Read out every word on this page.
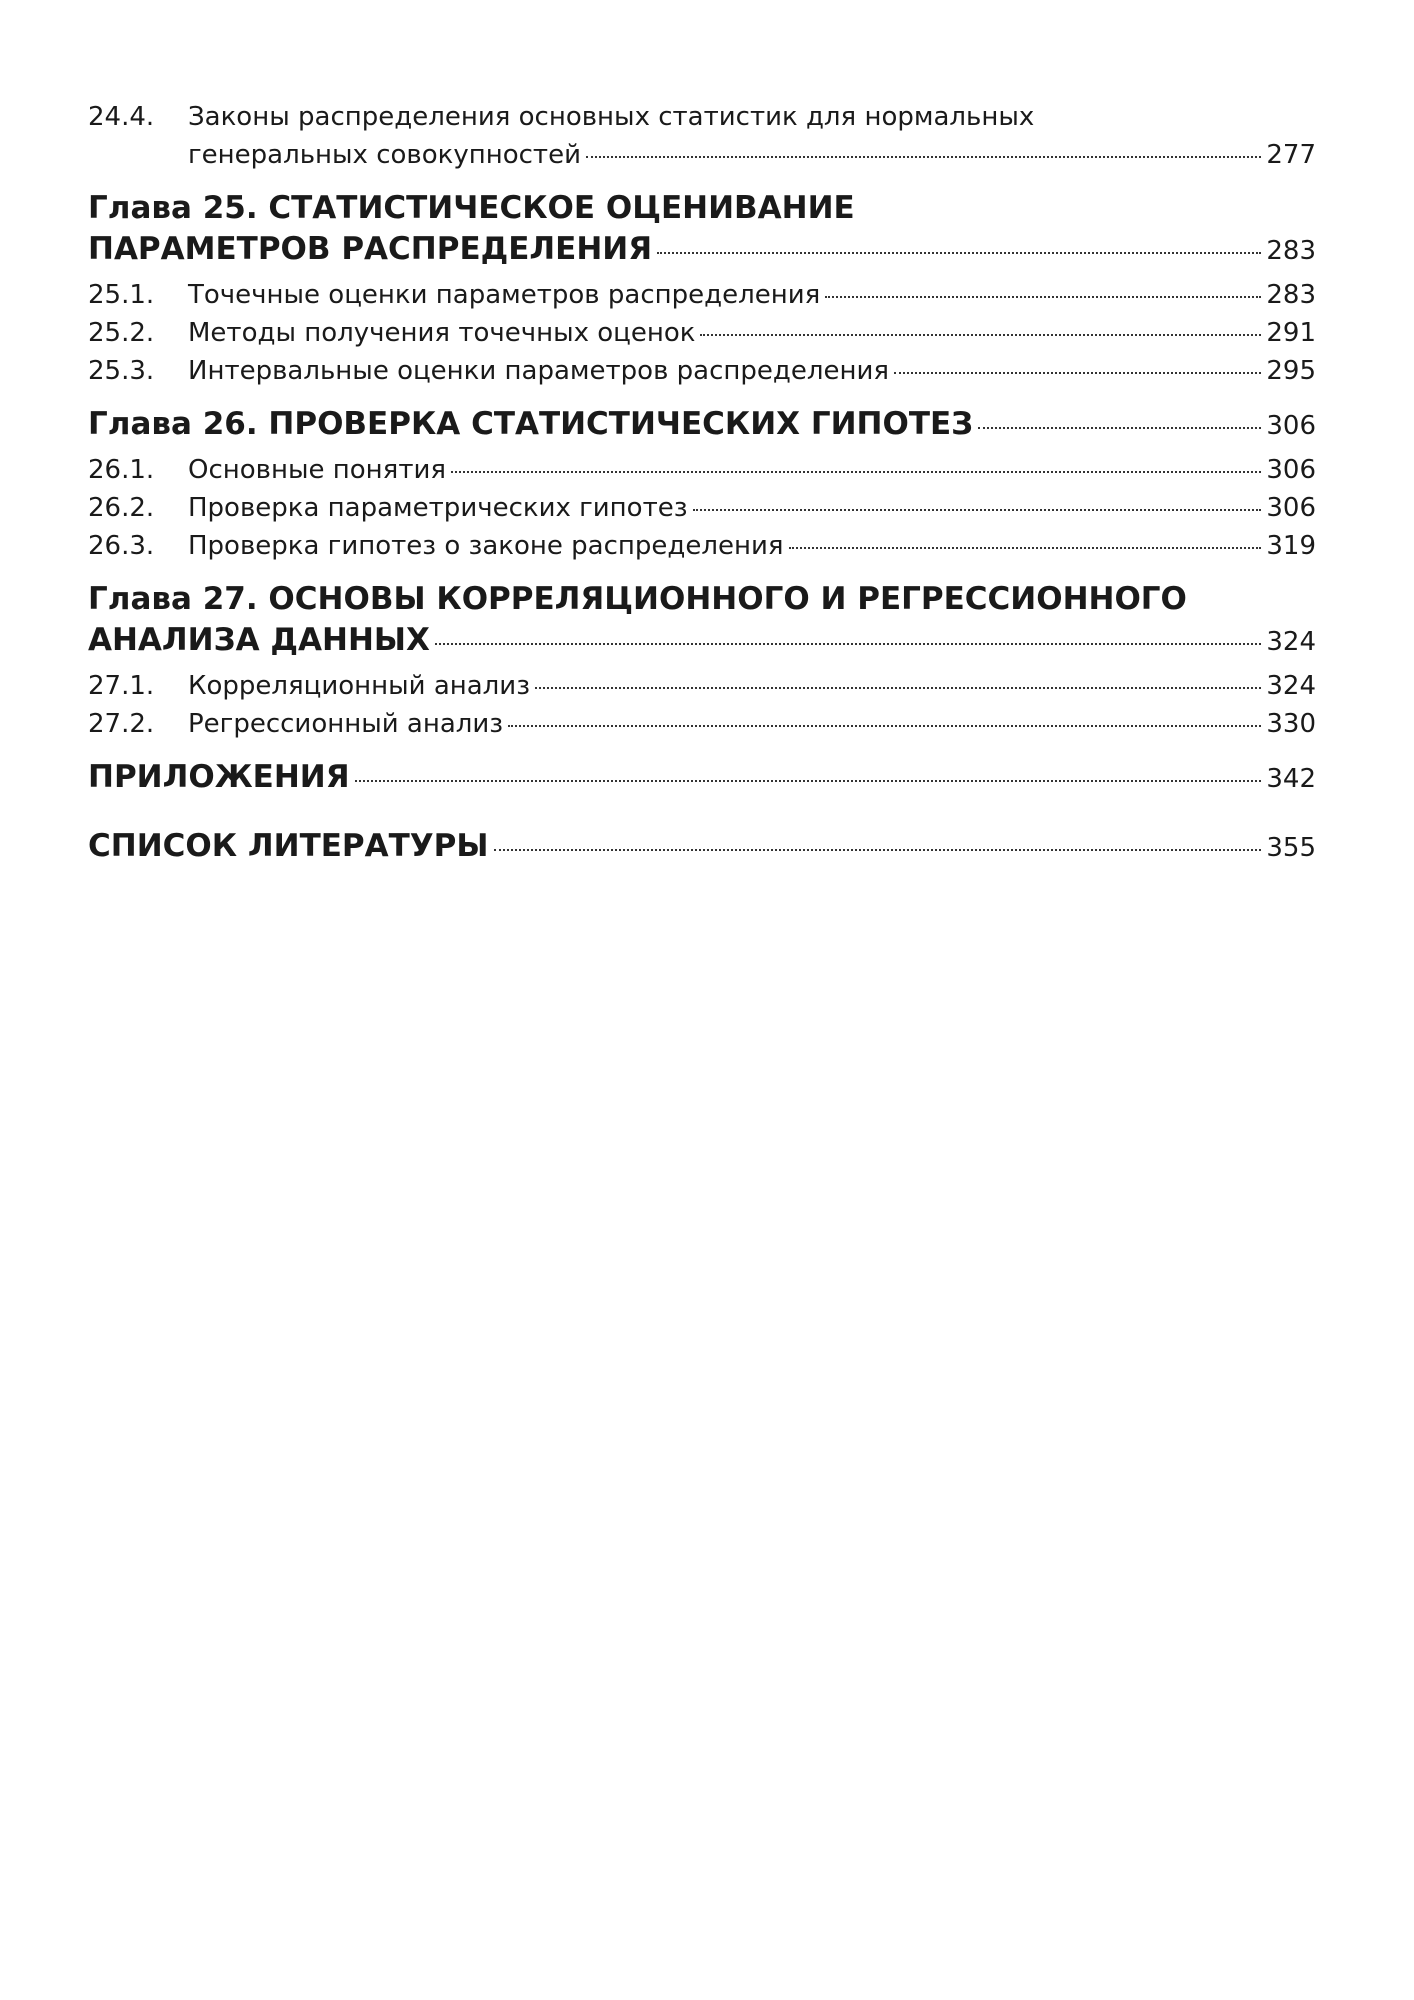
24.4.	Законы распределения основных статистик для нормальных
генеральных совокупностей	277
Глава 25. СТАТИСТИЧЕСКОЕ ОЦЕНИВАНИЕ
ПАРАМЕТРОВ РАСПРЕДЕЛЕНИЯ	283
25.1.	Точечные оценки параметров распределения	283
25.2.	Методы получения точечных оценок	291
25.3.	Интервальные оценки параметров распределения	295
Глава 26. ПРОВЕРКА СТАТИСТИЧЕСКИХ ГИПОТЕЗ	306
26.1.	Основные понятия	306
26.2.	Проверка параметрических гипотез	306
26.3.	Проверка гипотез о законе распределения	319
Глава 27. ОСНОВЫ КОРРЕЛЯЦИОННОГО И РЕГРЕССИОННОГО
АНАЛИЗА ДАННЫХ	324
27.1.	Корреляционный анализ	324
27.2.	Регрессионный анализ	330
ПРИЛОЖЕНИЯ	342
СПИСОК ЛИТЕРАТУРЫ	355
